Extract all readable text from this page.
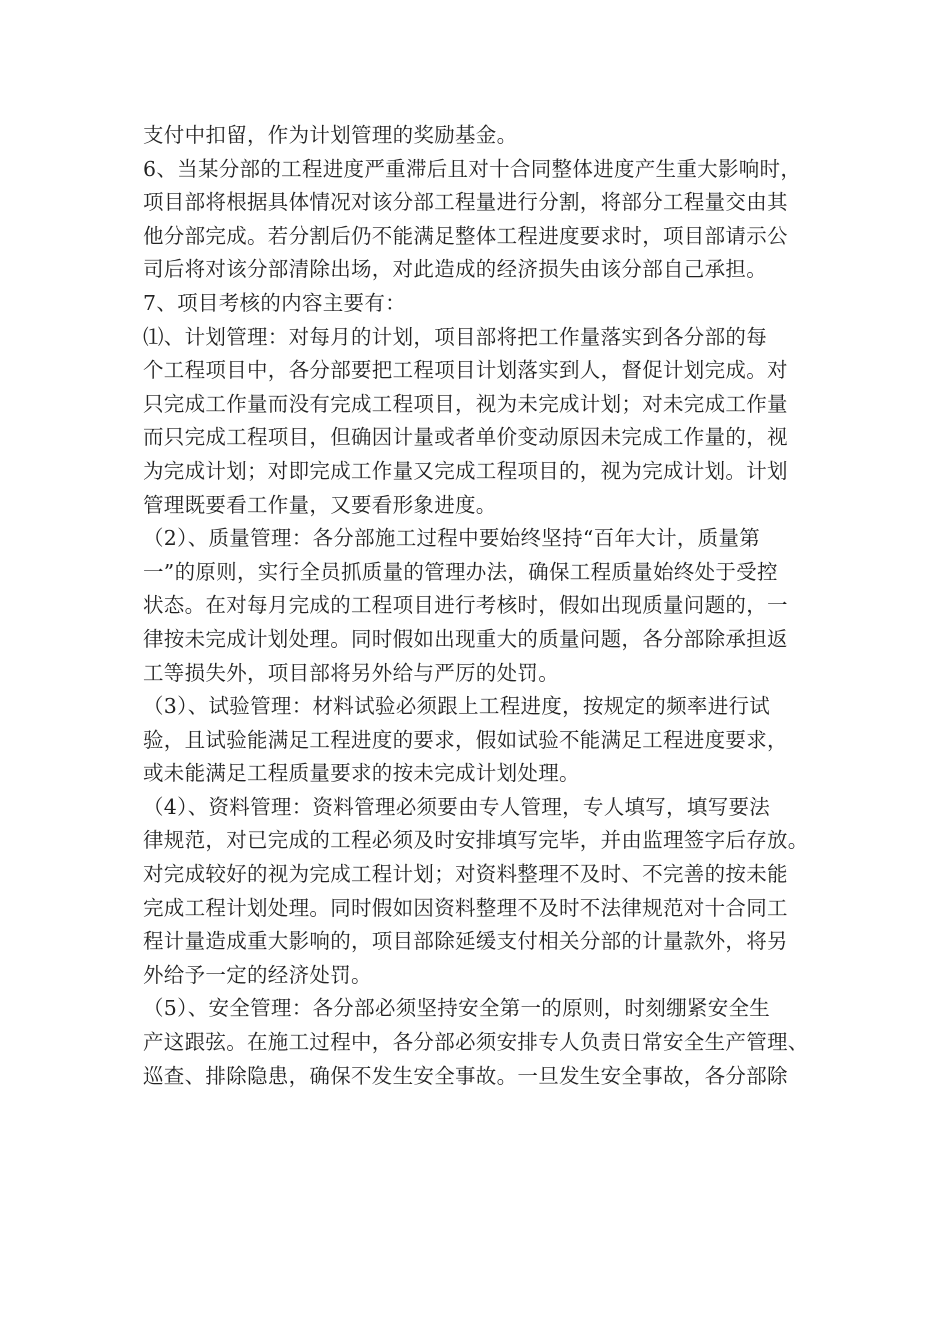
支付中扣留，作为计划管理的奖励基金。
6、当某分部的工程进度严重滞后且对十合同整体进度产生重大影响时，
项目部将根据具体情况对该分部工程量进行分割，将部分工程量交由其
他分部完成。若分割后仍不能满足整体工程进度要求时，项目部请示公
司后将对该分部清除出场，对此造成的经济损失由该分部自己承担。
7、项目考核的内容主要有：
⑴、计划管理：对每月的计划，项目部将把工作量落实到各分部的每
个工程项目中，各分部要把工程项目计划落实到人，督促计划完成。对
只完成工作量而没有完成工程项目，视为未完成计划；对未完成工作量
而只完成工程项目，但确因计量或者单价变动原因未完成工作量的，视
为完成计划；对即完成工作量又完成工程项目的，视为完成计划。计划
管理既要看工作量，又要看形象进度。
（2）、质量管理：各分部施工过程中要始终坚持“百年大计，质量第
一”的原则，实行全员抓质量的管理办法，确保工程质量始终处于受控
状态。在对每月完成的工程项目进行考核时，假如出现质量问题的，一
律按未完成计划处理。同时假如出现重大的质量问题，各分部除承担返
工等损失外，项目部将另外给与严厉的处罚。
（3）、试验管理：材料试验必须跟上工程进度，按规定的频率进行试
验，且试验能满足工程进度的要求，假如试验不能满足工程进度要求，
或未能满足工程质量要求的按未完成计划处理。
（4）、资料管理：资料管理必须要由专人管理，专人填写，填写要法
律规范，对已完成的工程必须及时安排填写完毕，并由监理签字后存放。
对完成较好的视为完成工程计划；对资料整理不及时、不完善的按未能
完成工程计划处理。同时假如因资料整理不及时不法律规范对十合同工
程计量造成重大影响的，项目部除延缓支付相关分部的计量款外，将另
外给予一定的经济处罚。
（5）、安全管理：各分部必须坚持安全第一的原则，时刻绷紧安全生
产这跟弦。在施工过程中，各分部必须安排专人负责日常安全生产管理、
巡查、排除隐患，确保不发生安全事故。一旦发生安全事故，各分部除
